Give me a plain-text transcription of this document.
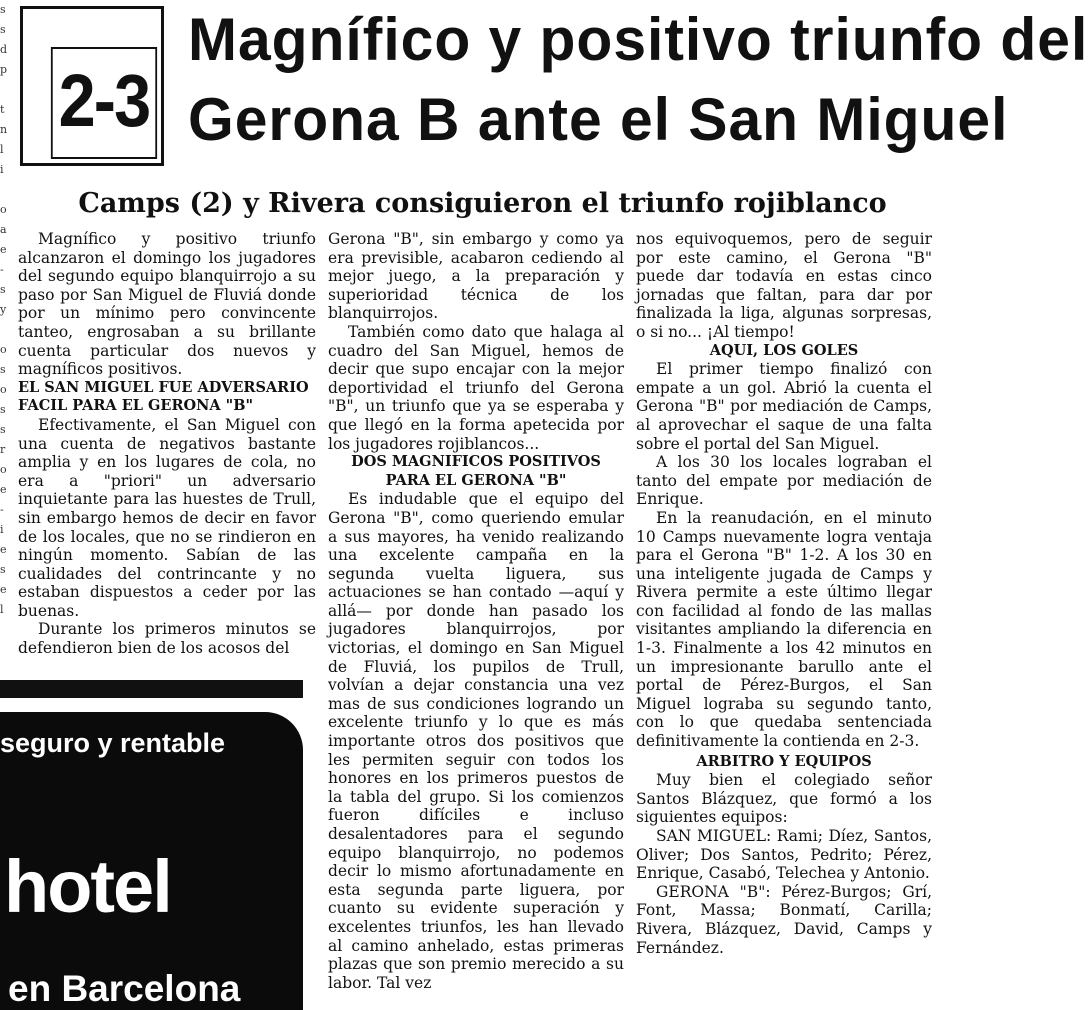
s
s
d
p

t
n
l
i

o
a
e
-
s
y

o
s
o
s
s
r
o
e
-
i
e
s
e
l

2-3
Magnífico y positivo triunfo del
Gerona B ante el San Miguel
Camps (2) y Rivera consiguieron el triunfo rojiblanco

Magnífico y positivo triunfo alcanzaron el domingo los jugadores del segundo equipo blanquirrojo a su paso por San Miguel de Fluviá donde por un mínimo pero convincente tanteo, engrosaban a su brillante cuenta particular dos nuevos y magníficos positivos.

EL SAN MIGUEL FUE ADVERSARIO FACIL PARA EL GERONA "B"

Efectivamente, el San Miguel con una cuenta de negativos bastante amplia y en los lugares de cola, no era a "priori" un adversario inquietante para las huestes de Trull, sin embargo hemos de decir en favor de los locales, que no se rindieron en ningún momento. Sabían de las cualidades del contrincante y no estaban dispuestos a ceder por las buenas.

Durante los primeros minutos se defendieron bien de los acosos del

Gerona "B", sin embargo y como ya era previsible, acabaron cediendo al mejor juego, a la preparación y superioridad técnica de los blanquirrojos.

También como dato que halaga al cuadro del San Miguel, hemos de decir que supo encajar con la mejor deportividad el triunfo del Gerona "B", un triunfo que ya se esperaba y que llegó en la forma apetecida por los jugadores rojiblancos...

DOS MAGNIFICOS POSITIVOS PARA EL GERONA "B"

Es indudable que el equipo del Gerona "B", como queriendo emular a sus mayores, ha venido realizando una excelente campaña en la segunda vuelta liguera, sus actuaciones se han contado —aquí y allá— por donde han pasado los jugadores blanquirrojos, por victorias, el domingo en San Miguel de Fluviá, los pupilos de Trull, volvían a dejar constancia una vez mas de sus condiciones logrando un excelente triunfo y lo que es más importante otros dos positivos que les permiten seguir con todos los honores en los primeros puestos de la tabla del grupo. Si los comienzos fueron difíciles e incluso desalentadores para el segundo equipo blanquirrojo, no podemos decir lo mismo afortunadamente en esta segunda parte liguera, por cuanto su evidente superación y excelentes triunfos, les han llevado al camino anhelado, estas primeras plazas que son premio merecido a su labor. Tal vez

nos equivoquemos, pero de seguir por este camino, el Gerona "B" puede dar todavía en estas cinco jornadas que faltan, para dar por finalizada la liga, algunas sorpresas, o si no... ¡Al tiempo!

AQUI, LOS GOLES

El primer tiempo finalizó con empate a un gol. Abrió la cuenta el Gerona "B" por mediación de Camps, al aprovechar el saque de una falta sobre el portal del San Miguel.

A los 30 los locales lograban el tanto del empate por mediación de Enrique.

En la reanudación, en el minuto 10 Camps nuevamente logra ventaja para el Gerona "B" 1-2. A los 30 en una inteligente jugada de Camps y Rivera permite a este último llegar con facilidad al fondo de las mallas visitantes ampliando la diferencia en 1-3. Finalmente a los 42 minutos en un impresionante barullo ante el portal de Pérez-Burgos, el San Miguel lograba su segundo tanto, con lo que quedaba sentenciada definitivamente la contienda en 2-3.

ARBITRO Y EQUIPOS

Muy bien el colegiado señor Santos Blázquez, que formó a los siguientes equipos:

SAN MIGUEL: Rami; Díez, Santos, Oliver; Dos Santos, Pedrito; Pérez, Enrique, Casabó, Telechea y Antonio.

GERONA "B": Pérez-Burgos; Grí, Font, Massa; Bonmatí, Carilla; Rivera, Blázquez, David, Camps y Fernández.

seguro y rentable
hotel
en Barcelona
